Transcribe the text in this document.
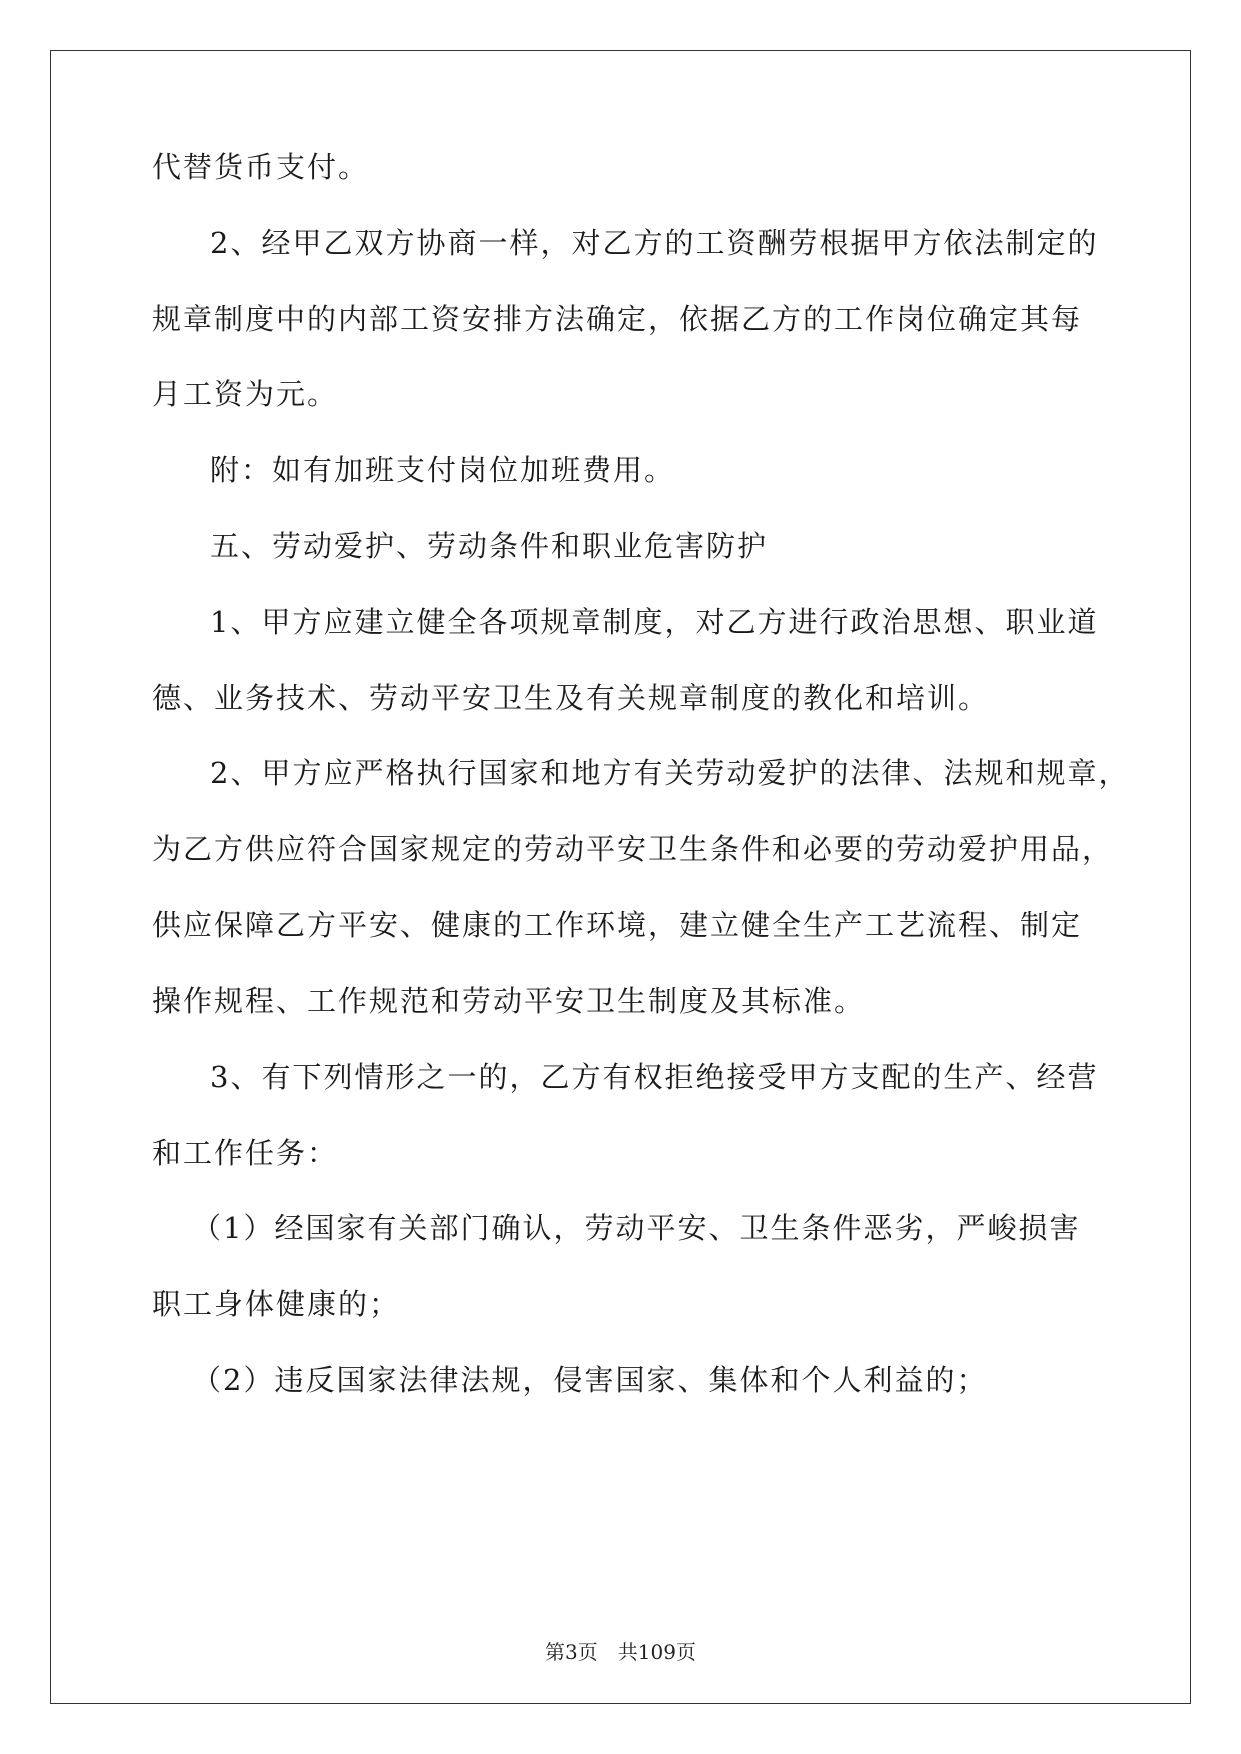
代替货币支付。
2、经甲乙双方协商一样，对乙方的工资酬劳根据甲方依法制定的
规章制度中的内部工资安排方法确定，依据乙方的工作岗位确定其每
月工资为元。
附：如有加班支付岗位加班费用。
五、劳动爱护、劳动条件和职业危害防护
1、甲方应建立健全各项规章制度，对乙方进行政治思想、职业道
德、业务技术、劳动平安卫生及有关规章制度的教化和培训。
2、甲方应严格执行国家和地方有关劳动爱护的法律、法规和规章，
为乙方供应符合国家规定的劳动平安卫生条件和必要的劳动爱护用品，
供应保障乙方平安、健康的工作环境，建立健全生产工艺流程、制定
操作规程、工作规范和劳动平安卫生制度及其标准。
3、有下列情形之一的，乙方有权拒绝接受甲方支配的生产、经营
和工作任务：
（1）经国家有关部门确认，劳动平安、卫生条件恶劣，严峻损害
职工身体健康的；
（2）违反国家法律法规，侵害国家、集体和个人利益的；
第3页　共109页
